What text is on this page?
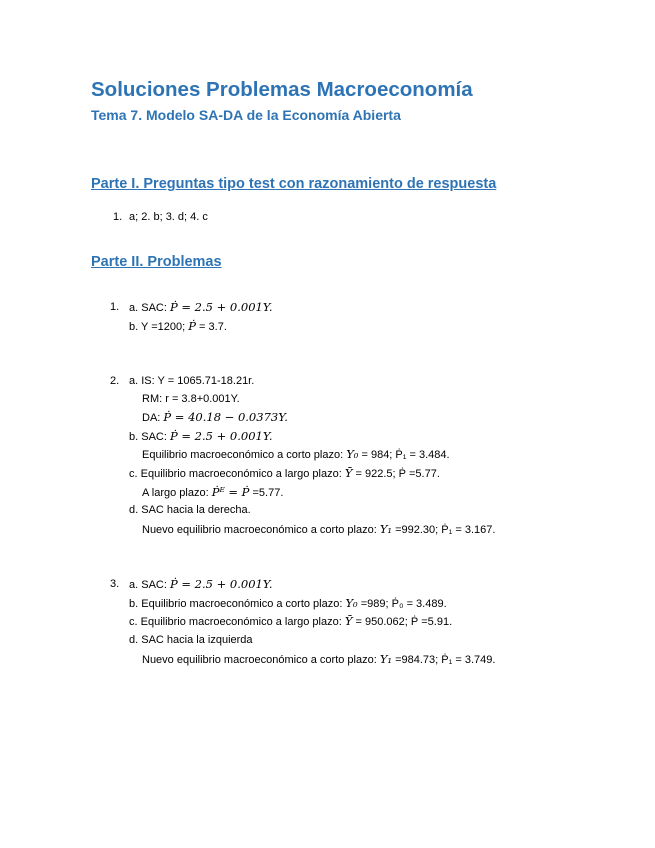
Soluciones Problemas Macroeconomía
Tema 7. Modelo SA-DA de la Economía Abierta
Parte I. Preguntas tipo test con razonamiento de respuesta
1. a; 2. b; 3. d; 4. c
Parte II. Problemas
1. a. SAC: Ṗ = 2.5 + 0.001Y.
b. Y =1200; Ṗ = 3.7.
2. a. IS: Y = 1065.71-18.21r.
RM: r = 3.8+0.001Y.
DA: Ṗ = 40.18 − 0.0373Y.
b. SAC: Ṗ = 2.5 + 0.001Y.
Equilibrio macroeconómico a corto plazo: Y₀ = 984; Ṗ₁ = 3.484.
c. Equilibrio macroeconómico a largo plazo: Ȳ = 922.5; Ṗ =5.77.
A largo plazo: Ṗᴱ = Ṗ =5.77.
d. SAC hacia la derecha.
Nuevo equilibrio macroeconómico a corto plazo: Y₁ =992.30; Ṗ₁ = 3.167.
3. a. SAC: Ṗ = 2.5 + 0.001Y.
b. Equilibrio macroeconómico a corto plazo: Y₀ =989; Ṗ₀ = 3.489.
c. Equilibrio macroeconómico a largo plazo: Ȳ = 950.062; Ṗ =5.91.
d. SAC hacia la izquierda
Nuevo equilibrio macroeconómico a corto plazo: Y₁ =984.73; Ṗ₁ = 3.749.
